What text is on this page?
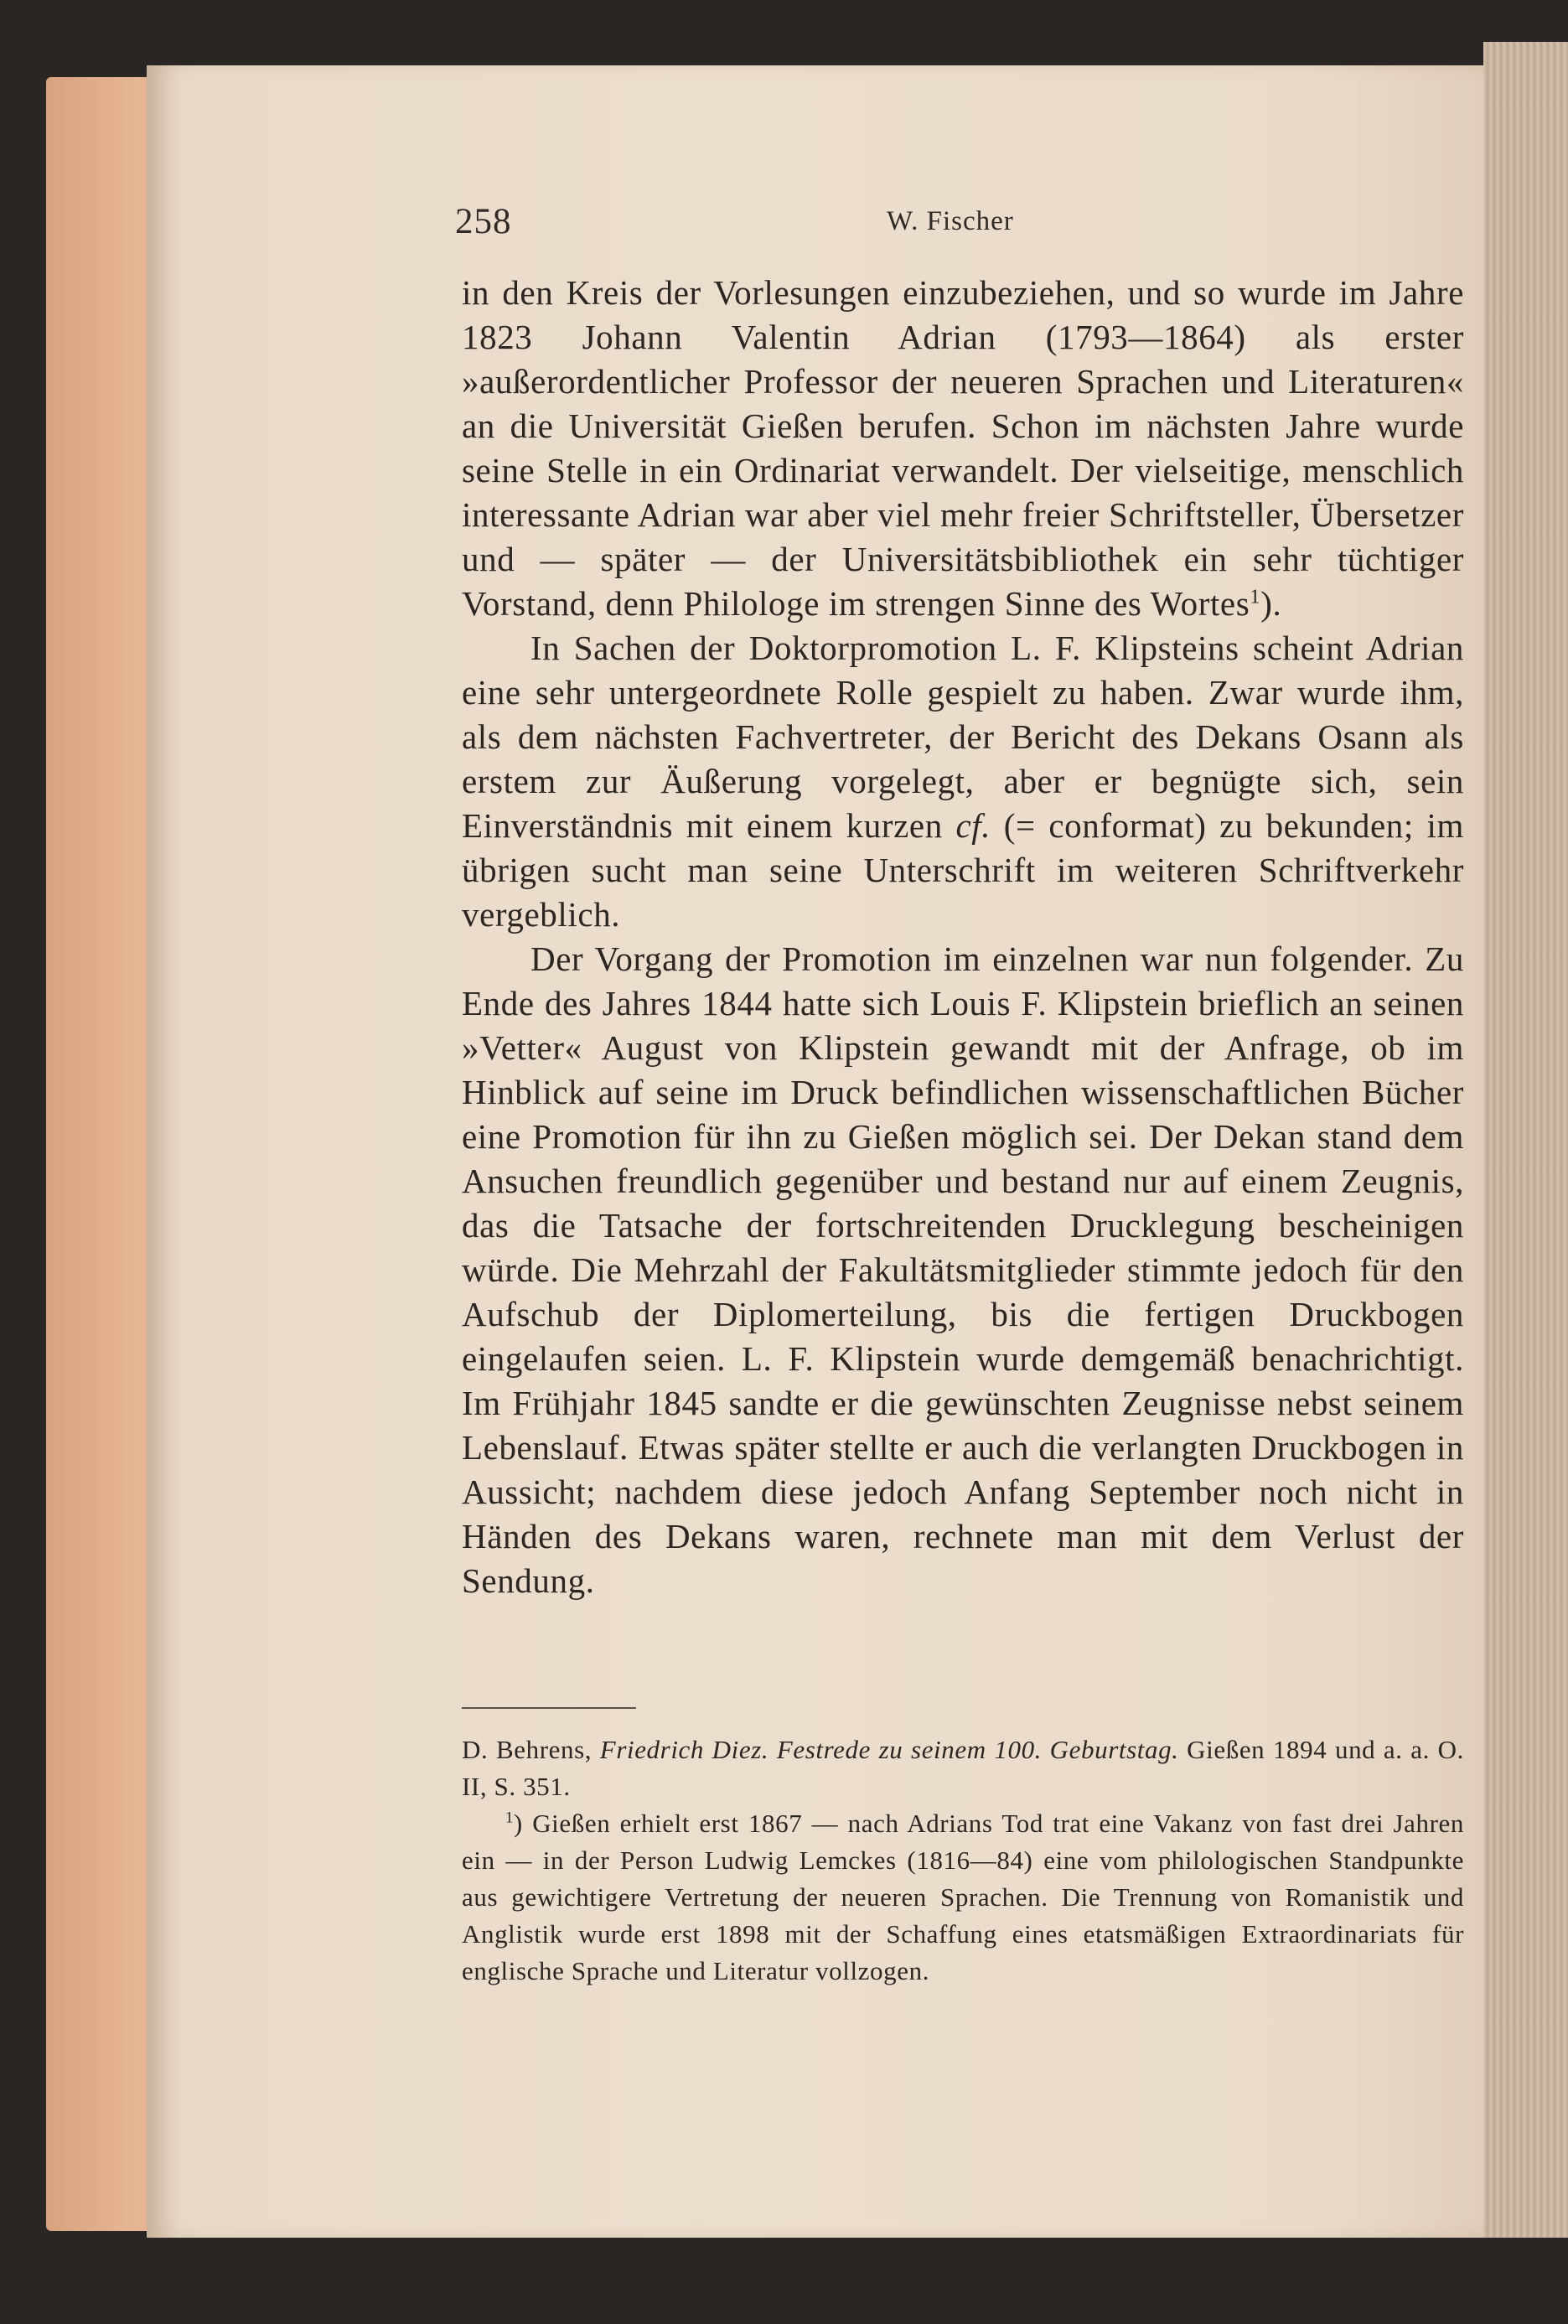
258	W. Fischer

in den Kreis der Vorlesungen einzubeziehen, und so wurde im Jahre 1823 Johann Valentin Adrian (1793—1864) als erster »außerordentlicher Professor der neueren Sprachen und Literaturen« an die Universität Gießen berufen. Schon im nächsten Jahre wurde seine Stelle in ein Ordinariat verwandelt. Der vielseitige, menschlich interessante Adrian war aber viel mehr freier Schriftsteller, Übersetzer und — später — der Universitätsbibliothek ein sehr tüchtiger Vorstand, denn Philologe im strengen Sinne des Wortes$^1$).

In Sachen der Doktorpromotion L. F. Klipsteins scheint Adrian eine sehr untergeordnete Rolle gespielt zu haben. Zwar wurde ihm, als dem nächsten Fachvertreter, der Bericht des Dekans Osann als erstem zur Äußerung vorgelegt, aber er begnügte sich, sein Einverständnis mit einem kurzen cf. (= conformat) zu bekunden; im übrigen sucht man seine Unterschrift im weiteren Schriftverkehr vergeblich.

Der Vorgang der Promotion im einzelnen war nun folgender. Zu Ende des Jahres 1844 hatte sich Louis F. Klipstein brieflich an seinen »Vetter« August von Klipstein gewandt mit der Anfrage, ob im Hinblick auf seine im Druck befindlichen wissenschaftlichen Bücher eine Promotion für ihn zu Gießen möglich sei. Der Dekan stand dem Ansuchen freundlich gegenüber und bestand nur auf einem Zeugnis, das die Tatsache der fortschreitenden Drucklegung bescheinigen würde. Die Mehrzahl der Fakultätsmitglieder stimmte jedoch für den Aufschub der Diplomerteilung, bis die fertigen Druckbogen eingelaufen seien. L. F. Klipstein wurde demgemäß benachrichtigt. Im Frühjahr 1845 sandte er die gewünschten Zeugnisse nebst seinem Lebenslauf. Etwas später stellte er auch die verlangten Druckbogen in Aussicht; nachdem diese jedoch Anfang September noch nicht in Händen des Dekans waren, rechnete man mit dem Verlust der Sendung.

D. Behrens, Friedrich Diez. Festrede zu seinem 100. Geburtstag. Gießen 1894 und a. a. O. II, S. 351.

$^1$) Gießen erhielt erst 1867 — nach Adrians Tod trat eine Vakanz von fast drei Jahren ein — in der Person Ludwig Lemckes (1816—84) eine vom philologischen Standpunkte aus gewichtigere Vertretung der neueren Sprachen. Die Trennung von Romanistik und Anglistik wurde erst 1898 mit der Schaffung eines etatsmäßigen Extraordinariats für englische Sprache und Literatur vollzogen.
